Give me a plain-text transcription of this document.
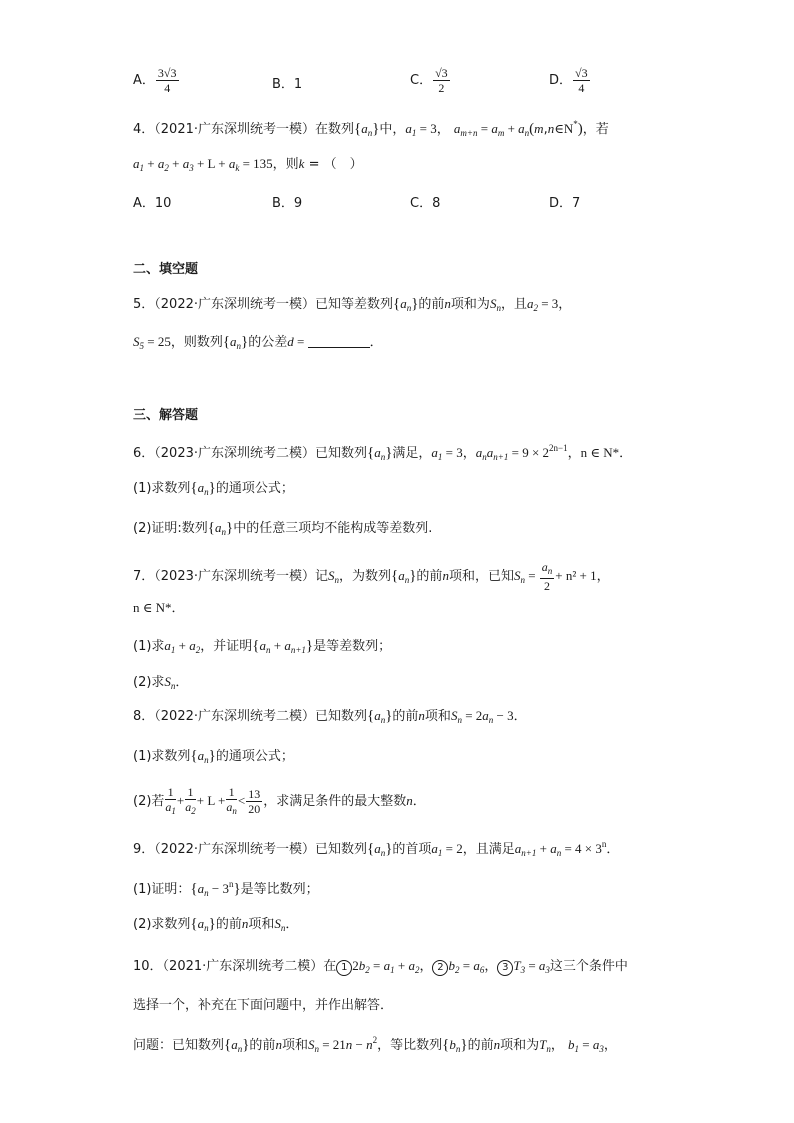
A． $\frac{3√3}{4}$	B．1	C． $\frac{√3}{2}$	D． $\frac{√3}{4}$
4．（2021·广东深圳统考一模）在数列$\{a_n\}$中，$a_1 = 3$， $a_{m+n} = a_m$ + $a_n(m,n\in N^*)$，若
$a_1 + a_2 + a_3 + L + a_k = 135$，则k = （　）
A．10	B．9	C．8	D．7
二、填空题
5．（2022·广东深圳统考一模）已知等差数列$\{a_n\}$的前n项和为$S_n$，且$a_2 = 3$，
$S_5 = 25$，则数列$\{a_n\}$的公差d =	．
三、解答题
6．（2023·广东深圳统考二模）已知数列$\{a_n\}$满足，$a_1 = 3$，$a_na_{n+1} = 9 \times 2^{2n-1}$，n ∈ N*．
(1)求数列$\{a_n\}$的通项公式；
(2)证明:数列$\{a_n\}$中的任意三项均不能构成等差数列.
7．（2023·广东深圳统考一模）记$S_n$，为数列$\{a_n\}$的前n项和，已知$S_n = \frac{a_n}{2} + n^2 + 1$，
n ∈ N*．
(1)求$a_1 + a_2$，并证明$\{a_n + a_{n+1}\}$是等差数列；
(2)求$S_n$．
8．（2022·广东深圳统考二模）已知数列$\{a_n\}$的前n项和$S_n = 2a_n - 3$．
(1)求数列$\{a_n\}$的通项公式；
(2)若 $\frac{1}{a_1} + \frac{1}{a_2} + L + \frac{1}{a_n} < \frac{13}{20}$ ，求满足条件的最大整数n．
9．（2022·广东深圳统考一模）已知数列$\{a_n\}$的首项$a_1 = 2$，且满足$a_{n+1} + a_n = 4 \times 3^n$．
(1)证明：$\{a_n - 3^n\}$是等比数列；
(2)求数列$\{a_n\}$的前n项和$S_n$．
10．（2021·广东深圳统考二模）在 1 $2b_2 = a_1 + a_2$， 2 $b_2 = a_6$， 3 $T_3 = a_3$这三个条件中
选择一个，补充在下面问题中，并作出解答．
问题：已知数列$\{a_n\}$的前n项和$S_n = 21n - n^2$，等比数列$\{b_n\}$的前n项和为$T_n$， $b_1 = a_3$，
